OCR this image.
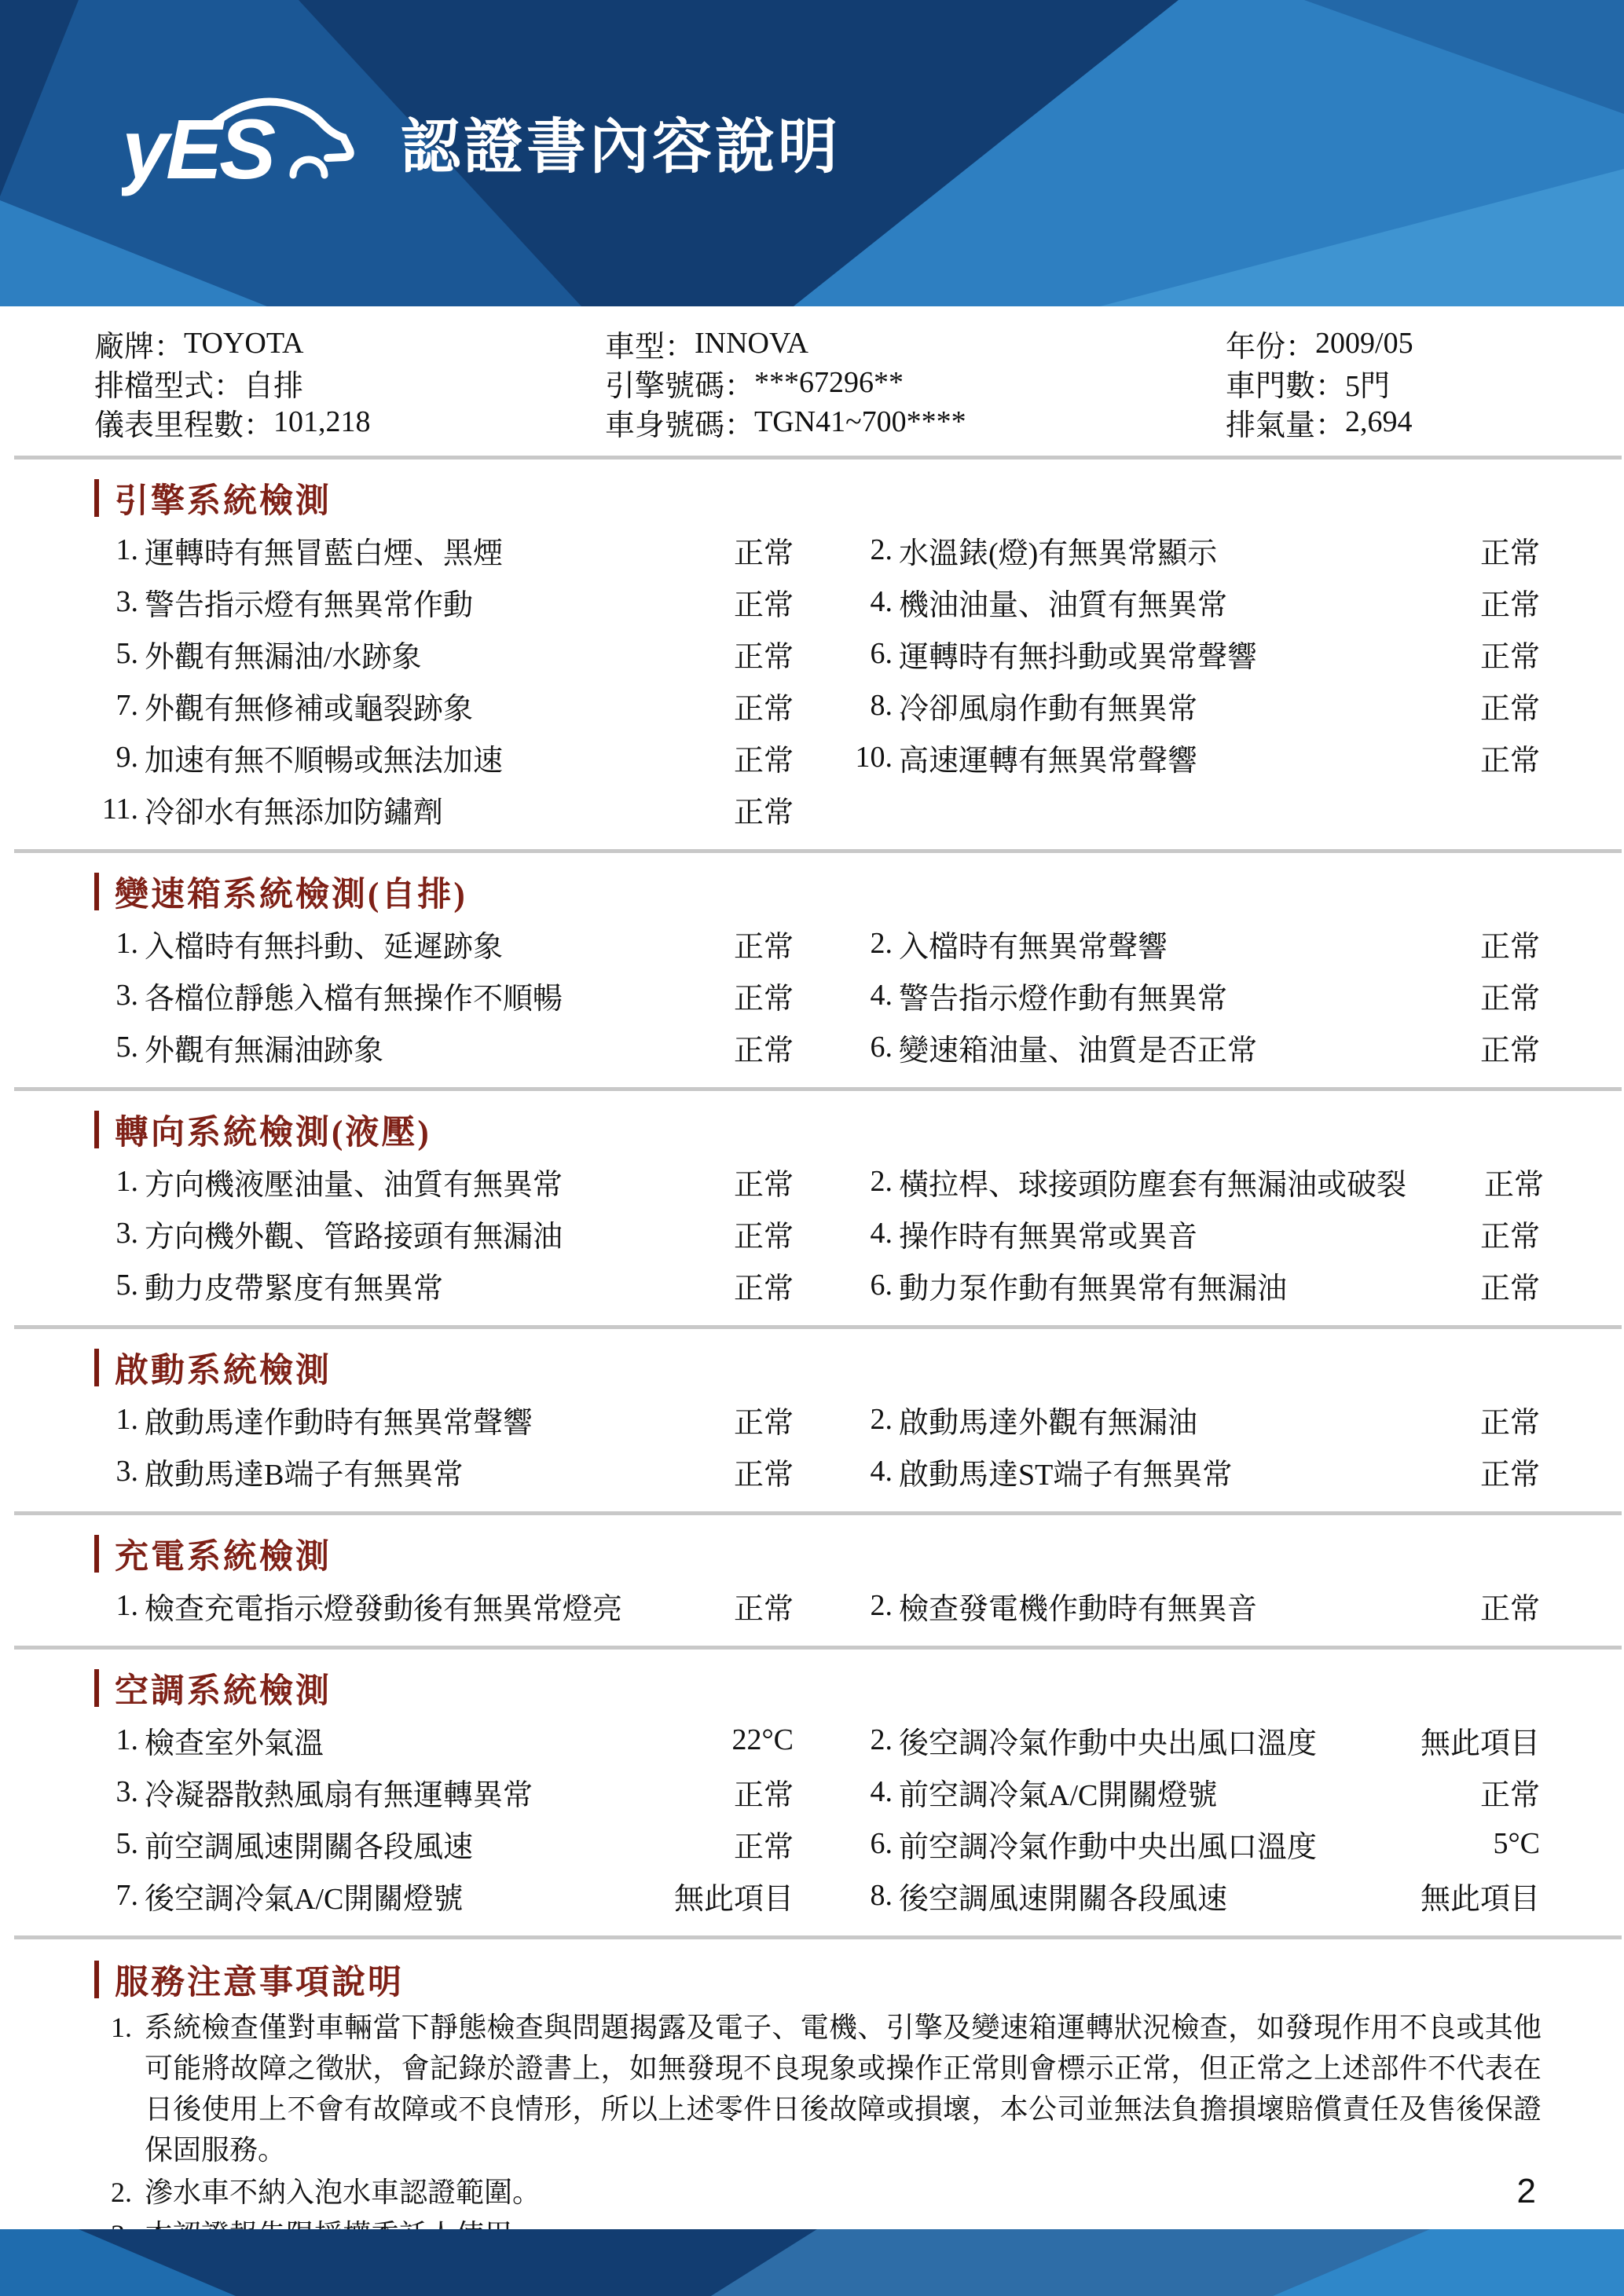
yES 認證書內容說明
廠牌： TOYOTA	車型： INNOVA	年份： 2009/05
排檔型式： 自排	引擎號碼： ***67296**	車門數： 5門
儀表里程數： 101,218	車身號碼： TGN41~700****	排氣量： 2,694
引擎系統檢測
1. 運轉時有無冒藍白煙、黑煙	正常	2. 水溫錶(燈)有無異常顯示	正常
3. 警告指示燈有無異常作動	正常	4. 機油油量、油質有無異常	正常
5. 外觀有無漏油/水跡象	正常	6. 運轉時有無抖動或異常聲響	正常
7. 外觀有無修補或龜裂跡象	正常	8. 冷卻風扇作動有無異常	正常
9. 加速有無不順暢或無法加速	正常 10. 高速運轉有無異常聲響	正常
11. 冷卻水有無添加防鏽劑	正常
變速箱系統檢測(自排)
1. 入檔時有無抖動、延遲跡象	正常	2. 入檔時有無異常聲響	正常
3. 各檔位靜態入檔有無操作不順暢	正常	4. 警告指示燈作動有無異常	正常
5. 外觀有無漏油跡象	正常	6. 變速箱油量、油質是否正常	正常
轉向系統檢測(液壓)
1. 方向機液壓油量、油質有無異常	正常	2. 橫拉桿、球接頭防塵套有無漏油或破裂	正常
3. 方向機外觀、管路接頭有無漏油	正常	4. 操作時有無異常或異音	正常
5. 動力皮帶緊度有無異常	正常	6. 動力泵作動有無異常有無漏油	正常
啟動系統檢測
1. 啟動馬達作動時有無異常聲響	正常	2. 啟動馬達外觀有無漏油	正常
3. 啟動馬達B端子有無異常	正常	4. 啟動馬達ST端子有無異常	正常
充電系統檢測
1. 檢查充電指示燈發動後有無異常燈亮	正常	2. 檢查發電機作動時有無異音	正常
空調系統檢測
1. 檢查室外氣溫	22°C	2. 後空調冷氣作動中央出風口溫度	無此項目
3. 冷凝器散熱風扇有無運轉異常	正常	4. 前空調冷氣A/C開關燈號	正常
5. 前空調風速開關各段風速	正常	6. 前空調冷氣作動中央出風口溫度	5°C
7. 後空調冷氣A/C開關燈號	無此項目	8. 後空調風速開關各段風速	無此項目
服務注意事項說明
1. 系統檢查僅對車輛當下靜態檢查與問題揭露及電子、電機、引擎及變速箱運轉狀況檢查，如發現作用不良或其他可能將故障之徵狀，會記錄於證書上，如無發現不良現象或操作正常則會標示正常，但正常之上述部件不代表在日後使用上不會有故障或不良情形，所以上述零件日後故障或損壞，本公司並無法負擔損壞賠償責任及售後保證保固服務。
2. 滲水車不納入泡水車認證範圍。	2
